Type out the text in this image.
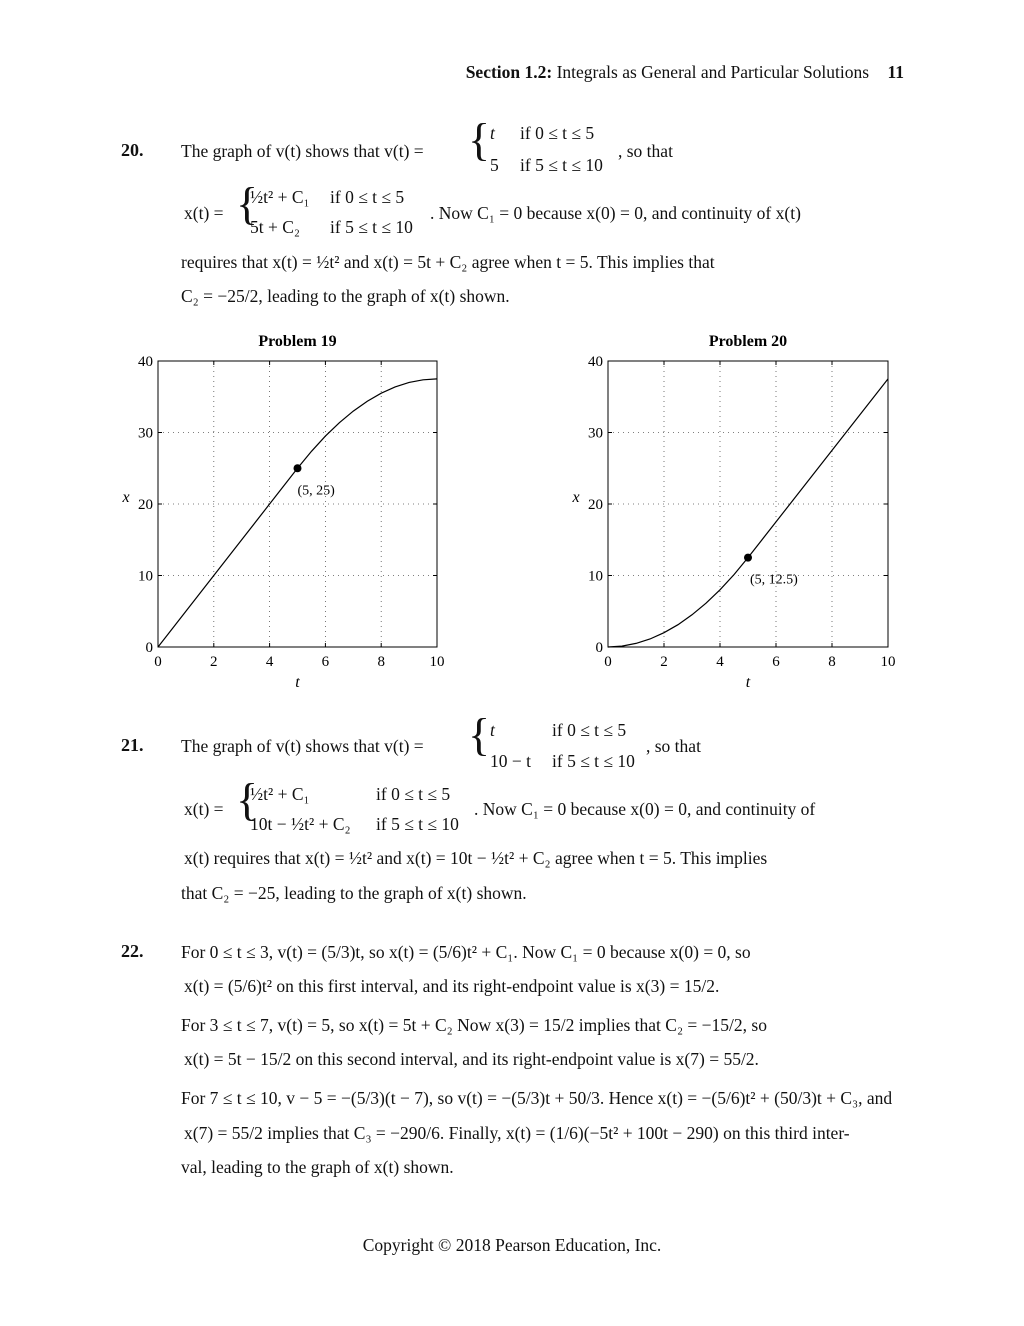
Section 1.2: Integrals as General and Particular Solutions 11
20. The graph of v(t) shows that v(t) = { t if 0 ≤ t ≤ 5
5 if 5 ≤ t ≤ 10
, so that
x(t) = {
½t² + C₁ if 0 ≤ t ≤ 5
5t + C₂ if 5 ≤ t ≤ 10
. Now C₁ = 0 because x(0) = 0, and continuity of x(t)
requires that x(t) = ½t² and x(t) = 5t + C₂ agree when t = 5. This implies that
C₂ = −25/2, leading to the graph of x(t) shown.
0	2	4	6	8	10
0
10
20
30
40
Problem 19
t
x	(5, 25)
0	2	4	6	8	10
0
10
20
30
40
Problem 20
t
x
(5, 12.5)
21. The graph of v(t) shows that v(t) = { t	if 0 ≤ t ≤ 5
10 − t if 5 ≤ t ≤ 10
, so that
x(t) = {
½t² + C₁	if 0 ≤ t ≤ 5
10t − ½t² + C₂ if 5 ≤ t ≤ 10
. Now C₁ = 0 because x(0) = 0, and continuity of
x(t) requires that x(t) = ½t² and x(t) = 10t − ½t² + C₂ agree when t = 5. This implies
that C₂ = −25, leading to the graph of x(t) shown.
22. For 0 ≤ t ≤ 3, v(t) = (5/3)t, so x(t) = (5/6)t² + C₁. Now C₁ = 0 because x(0) = 0, so
x(t) = (5/6)t² on this first interval, and its right-endpoint value is x(3) = 15/2.
For 3 ≤ t ≤ 7, v(t) = 5, so x(t) = 5t + C₂ Now x(3) = 15/2 implies that C₂ = −15/2, so
x(t) = 5t − 15/2 on this second interval, and its right-endpoint value is x(7) = 55/2.
For 7 ≤ t ≤ 10, v − 5 = −(5/3)(t − 7), so v(t) = −(5/3)t + 50/3. Hence x(t) = −(5/6)t² + (50/3)t + C₃, and
x(7) = 55/2 implies that C₃ = −290/6. Finally, x(t) = (1/6)(−5t² + 100t − 290) on this third inter-
val, leading to the graph of x(t) shown.
Copyright © 2018 Pearson Education, Inc.
